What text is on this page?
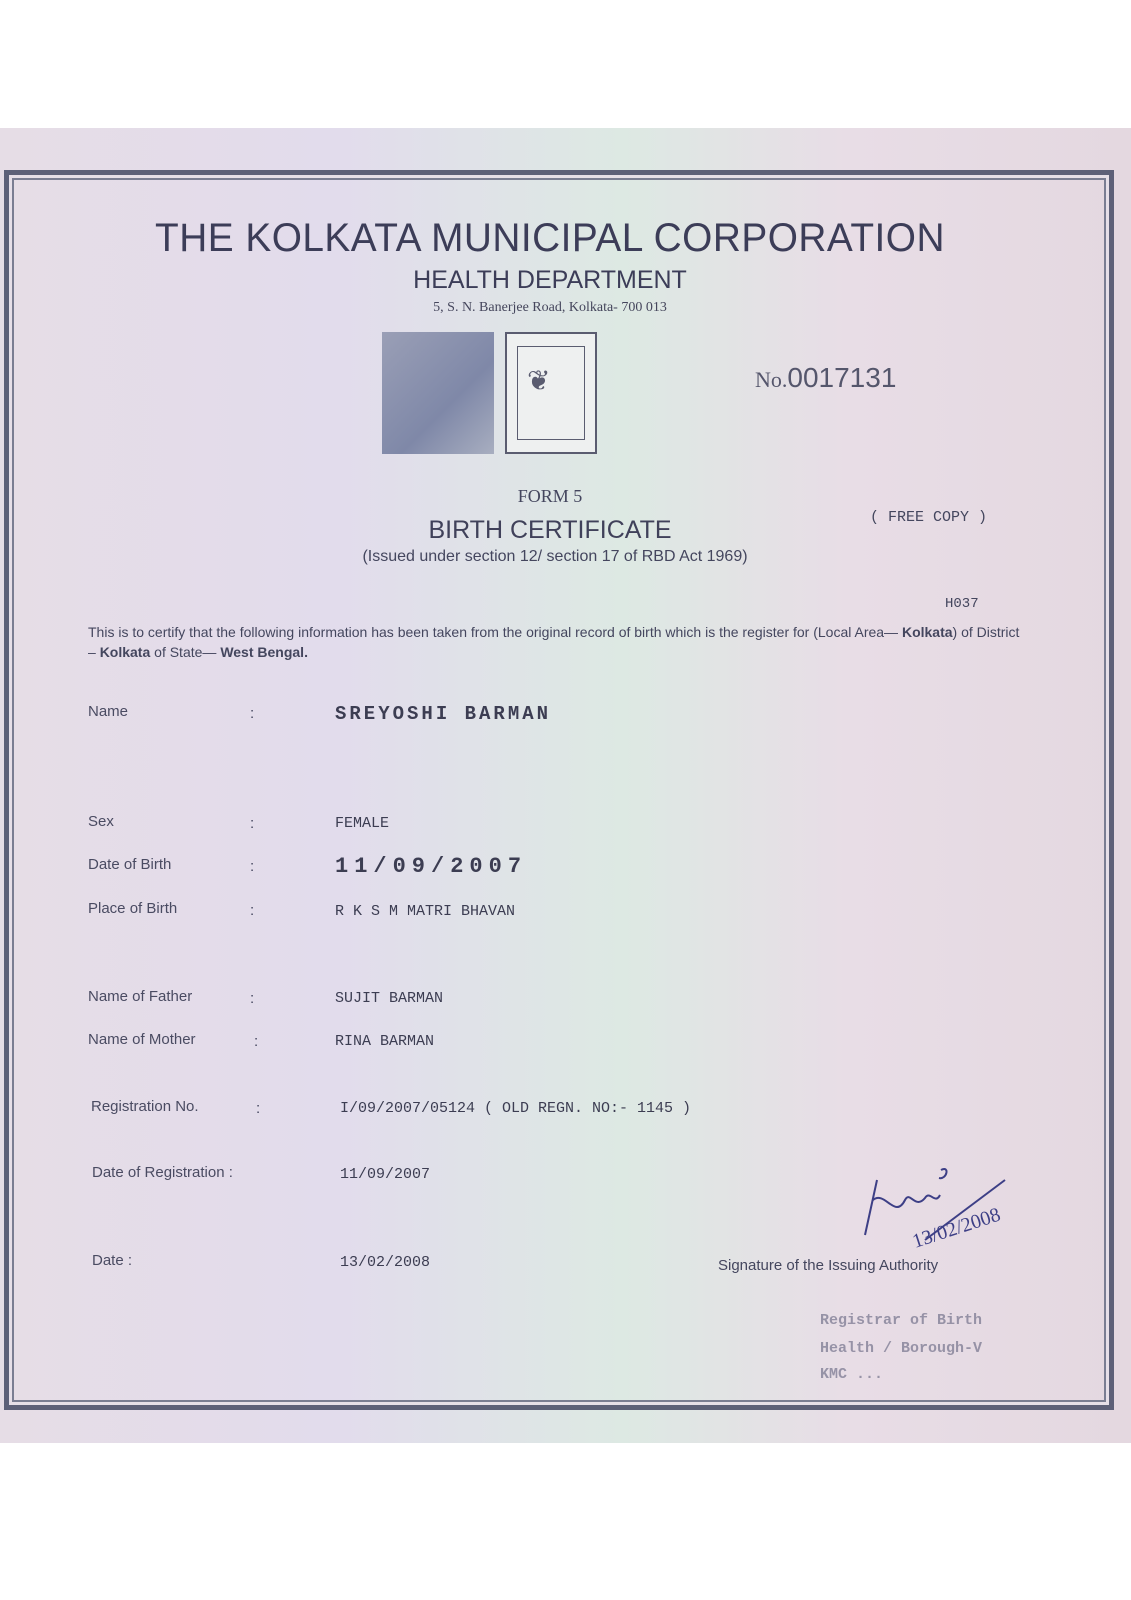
THE KOLKATA MUNICIPAL CORPORATION
HEALTH DEPARTMENT
5, S. N. Banerjee Road, Kolkata- 700 013
❦	No.0017131
FORM 5
BIRTH CERTIFICATE
(Issued under section 12/ section 17 of RBD Act 1969)
( FREE COPY )
H037
This is to certify that the following information has been taken from the original record of birth which is the register for (Local Area— Kolkata) of District – Kolkata of State— West Bengal.
Name	:	SREYOSHI BARMAN
Sex	:	FEMALE
Date of Birth	:	11/09/2007
Place of Birth	:	R K S M MATRI BHAVAN
Name of Father	:	SUJIT BARMAN
Name of Mother	:	RINA BARMAN
Registration No.	:	I/09/2007/05124 ( OLD REGN. NO:- 1145 )
Date of Registration :	11/09/2007
Date :	13/02/2008
13/02/2008
Signature of the Issuing Authority
Registrar of Birth
Health / Borough-V
KMC ...
